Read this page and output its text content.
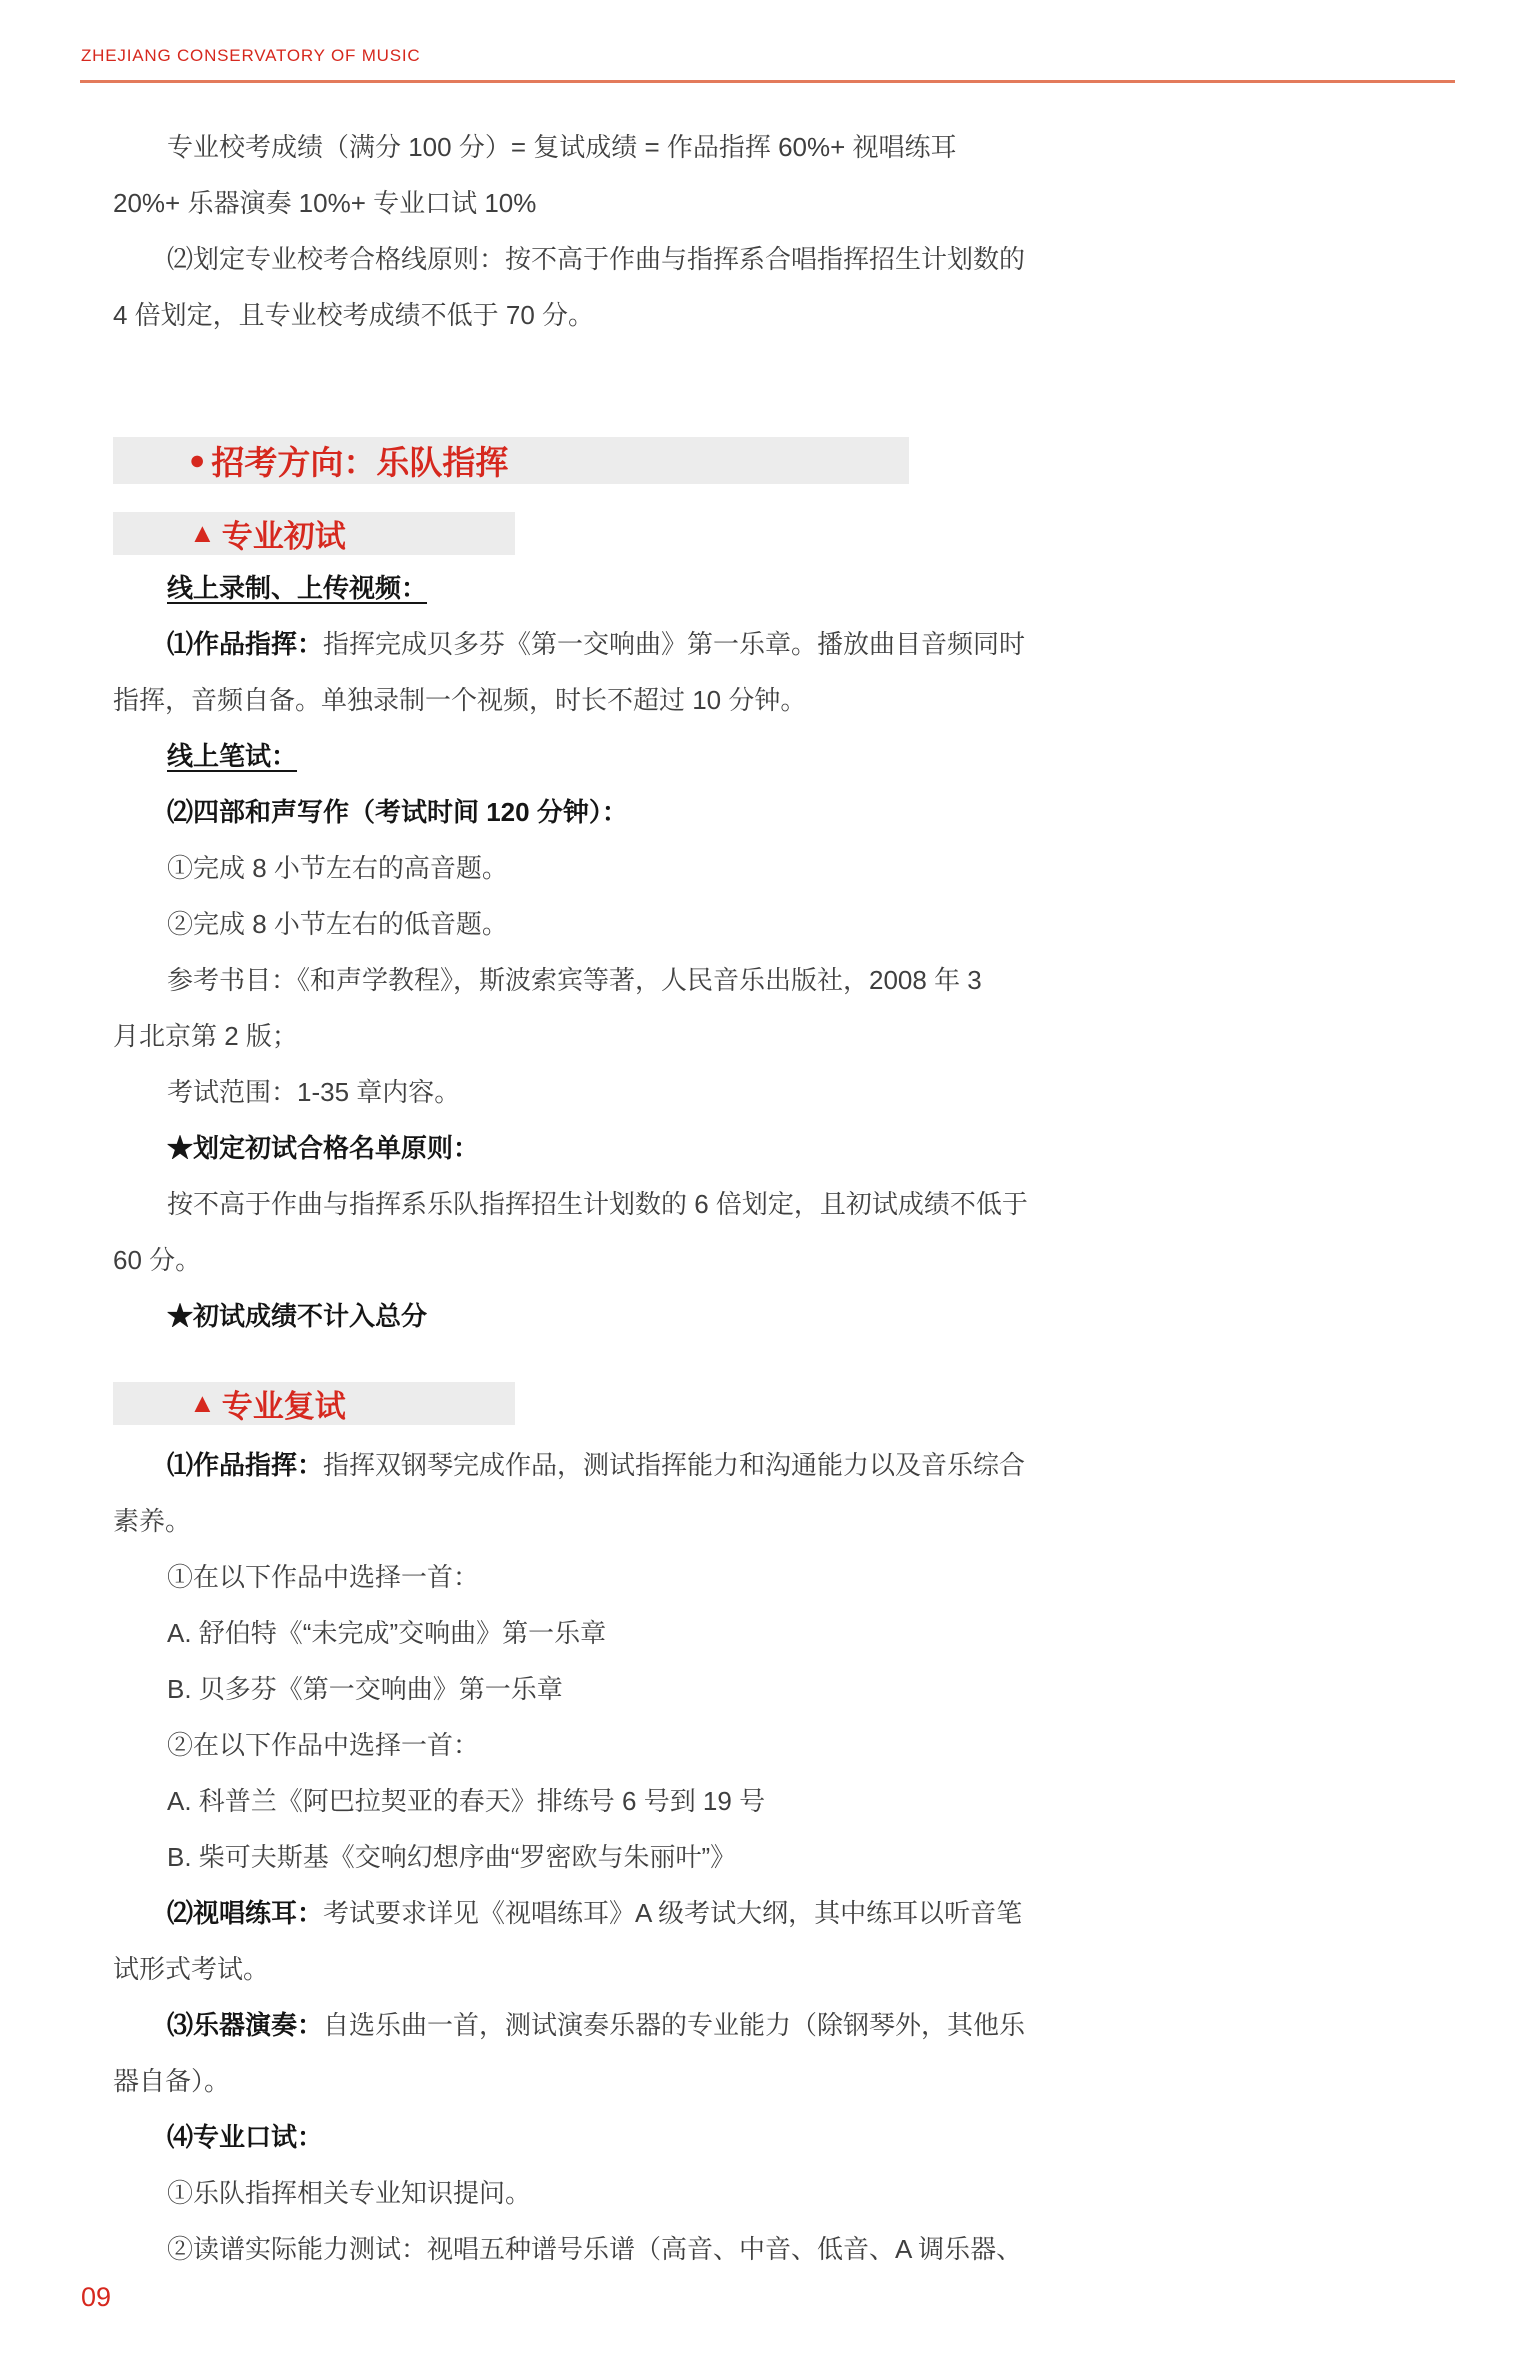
ZHEJIANG CONSERVATORY OF MUSIC
专业校考成绩（满分 100 分）= 复试成绩 = 作品指挥 60%+ 视唱练耳
20%+ 乐器演奏 10%+ 专业口试 10%
⑵划定专业校考合格线原则：按不高于作曲与指挥系合唱指挥招生计划数的
4 倍划定，且专业校考成绩不低于 70 分。
● 招考方向：乐队指挥
▲ 专业初试
线上录制、上传视频：
⑴作品指挥：指挥完成贝多芬《第一交响曲》第一乐章。播放曲目音频同时
指挥，音频自备。单独录制一个视频，时长不超过 10 分钟。
线上笔试：
⑵四部和声写作（考试时间 120 分钟）：
①完成 8 小节左右的高音题。
②完成 8 小节左右的低音题。
参考书目：《和声学教程》，斯波索宾等著，人民音乐出版社，2008 年 3
月北京第 2 版；
考试范围：1-35 章内容。
★划定初试合格名单原则：
按不高于作曲与指挥系乐队指挥招生计划数的 6 倍划定，且初试成绩不低于
60 分。
★初试成绩不计入总分
▲ 专业复试
⑴作品指挥：指挥双钢琴完成作品，测试指挥能力和沟通能力以及音乐综合
素养。
①在以下作品中选择一首：
A. 舒伯特《“未完成”交响曲》第一乐章
B. 贝多芬《第一交响曲》第一乐章
②在以下作品中选择一首：
A. 科普兰《阿巴拉契亚的春天》排练号 6 号到 19 号
B. 柴可夫斯基《交响幻想序曲“罗密欧与朱丽叶”》
⑵视唱练耳：考试要求详见《视唱练耳》A 级考试大纲，其中练耳以听音笔
试形式考试。
⑶乐器演奏：自选乐曲一首，测试演奏乐器的专业能力（除钢琴外，其他乐
器自备）。
⑷专业口试：
①乐队指挥相关专业知识提问。
②读谱实际能力测试：视唱五种谱号乐谱（高音、中音、低音、A 调乐器、
09
